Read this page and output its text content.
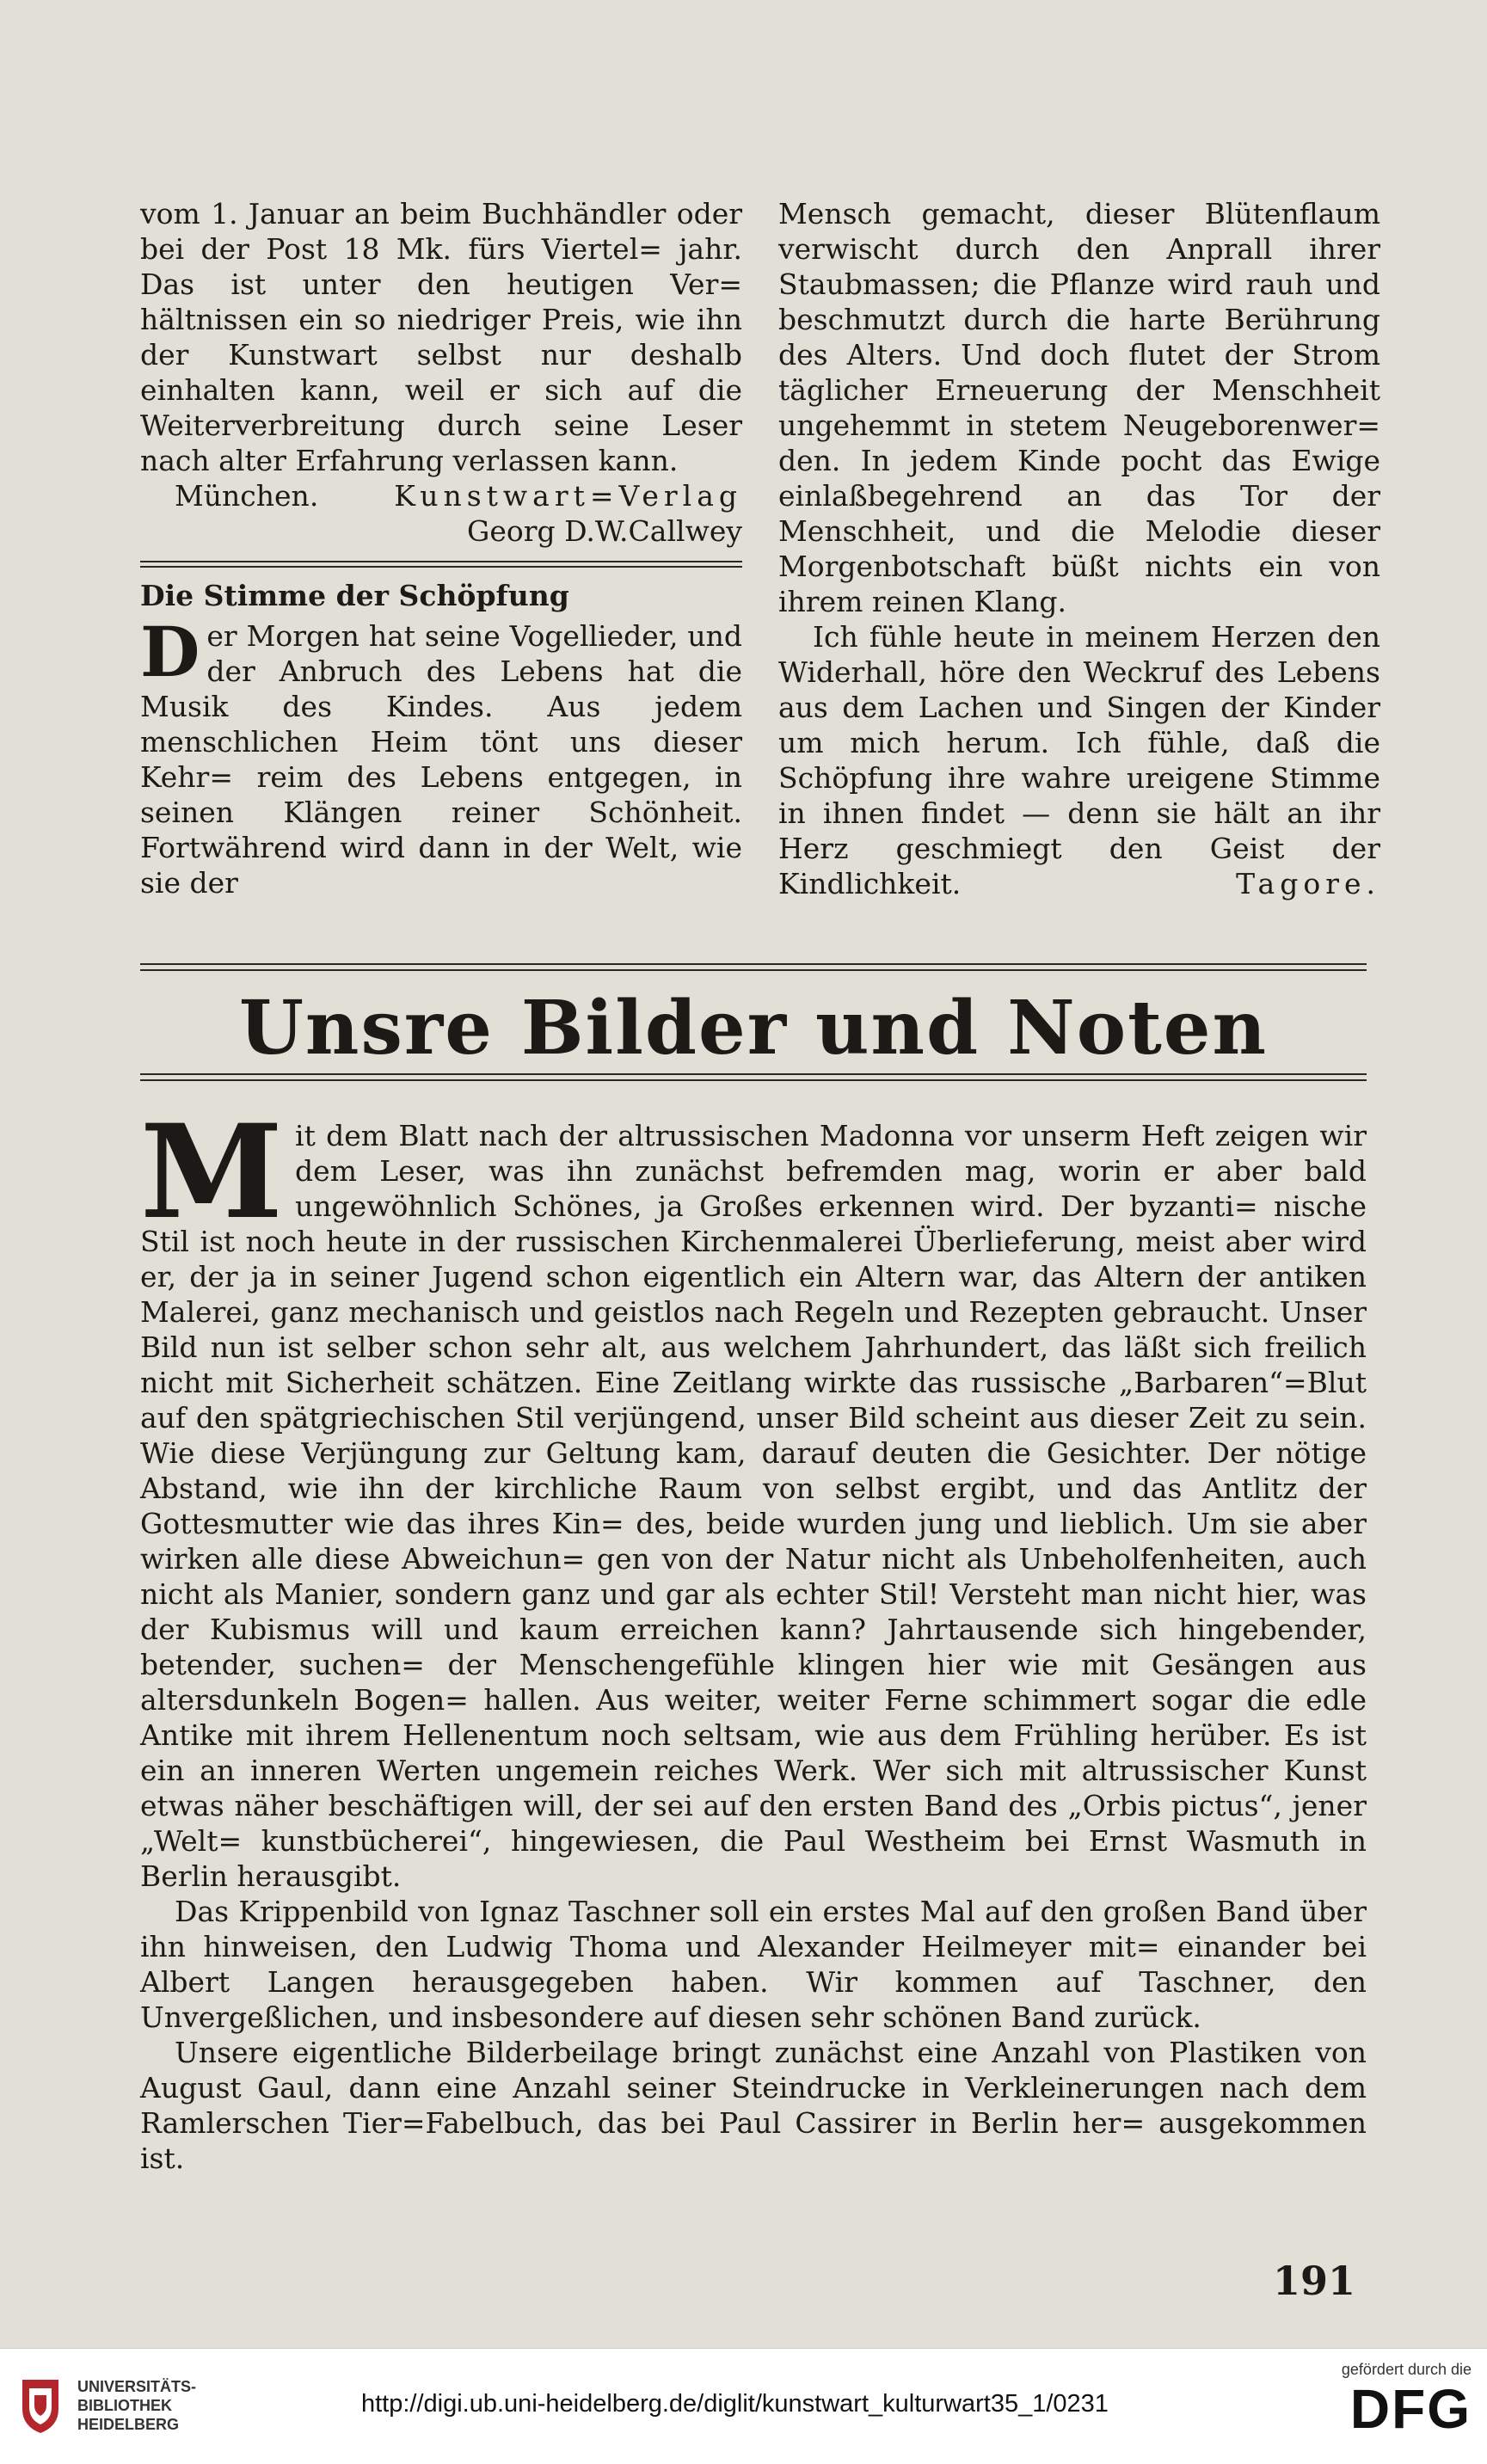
vom 1. Januar an beim Buchhändler oder bei der Post 18 Mk. fürs Viertel= jahr. Das ist unter den heutigen Ver= hältnissen ein so niedriger Preis, wie ihn der Kunstwart selbst nur deshalb einhalten kann, weil er sich auf die Weiterverbreitung durch seine Leser nach alter Erfahrung verlassen kann.

München.	Kunstwart=Verlag
Georg D.W.Callwey
Die Stimme der Schöpfung

Der Morgen hat seine Vogellieder, und der Anbruch des Lebens hat die Musik des Kindes. Aus jedem menschlichen Heim tönt uns dieser Kehr= reim des Lebens entgegen, in seinen Klängen reiner Schönheit. Fortwährend wird dann in der Welt, wie sie der

Mensch gemacht, dieser Blütenflaum verwischt durch den Anprall ihrer Staubmassen; die Pflanze wird rauh und beschmutzt durch die harte Berührung des Alters. Und doch flutet der Strom täglicher Erneuerung der Menschheit ungehemmt in stetem Neugeborenwer= den. In jedem Kinde pocht das Ewige einlaßbegehrend an das Tor der Menschheit, und die Melodie dieser Morgenbotschaft büßt nichts ein von ihrem reinen Klang.

Ich fühle heute in meinem Herzen den Widerhall, höre den Weckruf des Lebens aus dem Lachen und Singen der Kinder um mich herum. Ich fühle, daß die Schöpfung ihre wahre ureigene Stimme in ihnen findet — denn sie hält an ihr Herz geschmiegt den Geist der Kindlichkeit.	Tagore.

Unsre Bilder und Noten

Mit dem Blatt nach der altrussischen Madonna vor unserm Heft zeigen wir dem Leser, was ihn zunächst befremden mag, worin er aber bald ungewöhnlich Schönes, ja Großes erkennen wird. Der byzanti= nische Stil ist noch heute in der russischen Kirchenmalerei Überlieferung, meist aber wird er, der ja in seiner Jugend schon eigentlich ein Altern war, das Altern der antiken Malerei, ganz mechanisch und geistlos nach Regeln und Rezepten gebraucht. Unser Bild nun ist selber schon sehr alt, aus welchem Jahrhundert, das läßt sich freilich nicht mit Sicherheit schätzen. Eine Zeitlang wirkte das russische „Barbaren“=Blut auf den spätgriechischen Stil verjüngend, unser Bild scheint aus dieser Zeit zu sein. Wie diese Verjüngung zur Geltung kam, darauf deuten die Gesichter. Der nötige Abstand, wie ihn der kirchliche Raum von selbst ergibt, und das Antlitz der Gottesmutter wie das ihres Kin= des, beide wurden jung und lieblich. Um sie aber wirken alle diese Abweichun= gen von der Natur nicht als Unbeholfenheiten, auch nicht als Manier, sondern ganz und gar als echter Stil! Versteht man nicht hier, was der Kubismus will und kaum erreichen kann? Jahrtausende sich hingebender, betender, suchen= der Menschengefühle klingen hier wie mit Gesängen aus altersdunkeln Bogen= hallen. Aus weiter, weiter Ferne schimmert sogar die edle Antike mit ihrem Hellenentum noch seltsam, wie aus dem Frühling herüber. Es ist ein an inneren Werten ungemein reiches Werk. Wer sich mit altrussischer Kunst etwas näher beschäftigen will, der sei auf den ersten Band des „Orbis pictus“, jener „Welt= kunstbücherei“, hingewiesen, die Paul Westheim bei Ernst Wasmuth in Berlin herausgibt.

Das Krippenbild von Ignaz Taschner soll ein erstes Mal auf den großen Band über ihn hinweisen, den Ludwig Thoma und Alexander Heilmeyer mit= einander bei Albert Langen herausgegeben haben. Wir kommen auf Taschner, den Unvergeßlichen, und insbesondere auf diesen sehr schönen Band zurück.

Unsere eigentliche Bilderbeilage bringt zunächst eine Anzahl von Plastiken von August Gaul, dann eine Anzahl seiner Steindrucke in Verkleinerungen nach dem Ramlerschen Tier=Fabelbuch, das bei Paul Cassirer in Berlin her= ausgekommen ist.

191
UNIVERSITÄTS-
BIBLIOTHEK
HEIDELBERG
http://digi.ub.uni-heidelberg.de/diglit/kunstwart_kulturwart35_1/0231
gefördert durch die
DFG
